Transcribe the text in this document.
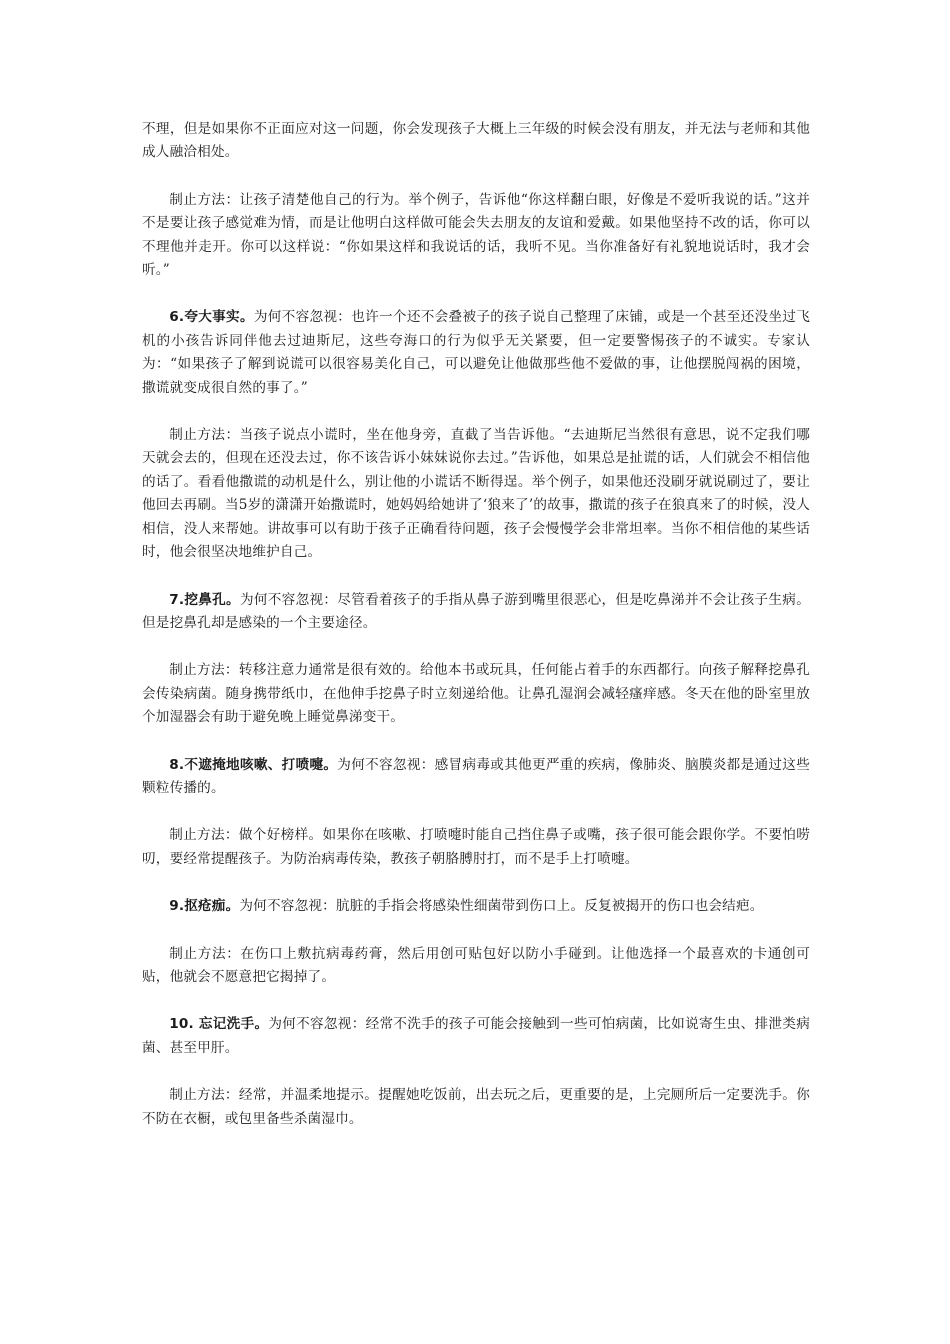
不理，但是如果你不正面应对这一问题，你会发现孩子大概上三年级的时候会没有朋友，并无法与老师和其他成人融洽相处。

制止方法：让孩子清楚他自己的行为。举个例子，告诉他“你这样翻白眼，好像是不爱听我说的话。”这并不是要让孩子感觉难为情，而是让他明白这样做可能会失去朋友的友谊和爱戴。如果他坚持不改的话，你可以不理他并走开。你可以这样说：“你如果这样和我说话的话，我听不见。当你准备好有礼貌地说话时，我才会听。”

6.夸大事实。为何不容忽视：也许一个还不会叠被子的孩子说自己整理了床铺，或是一个甚至还没坐过飞机的小孩告诉同伴他去过迪斯尼，这些夸海口的行为似乎无关紧要，但一定要警惕孩子的不诚实。专家认为：“如果孩子了解到说谎可以很容易美化自己，可以避免让他做那些他不爱做的事，让他摆脱闯祸的困境，撒谎就变成很自然的事了。”

制止方法：当孩子说点小谎时，坐在他身旁，直截了当告诉他。“去迪斯尼当然很有意思，说不定我们哪天就会去的，但现在还没去过，你不该告诉小妹妹说你去过。”告诉他，如果总是扯谎的话，人们就会不相信他的话了。看看他撒谎的动机是什么，别让他的小谎话不断得逞。举个例子，如果他还没刷牙就说刷过了，要让他回去再刷。当5岁的潇潇开始撒谎时，她妈妈给她讲了‘狼来了’的故事，撒谎的孩子在狼真来了的时候，没人相信，没人来帮她。讲故事可以有助于孩子正确看待问题，孩子会慢慢学会非常坦率。当你不相信他的某些话时，他会很坚决地维护自己。

7.挖鼻孔。为何不容忽视：尽管看着孩子的手指从鼻子游到嘴里很恶心，但是吃鼻涕并不会让孩子生病。但是挖鼻孔却是感染的一个主要途径。

制止方法：转移注意力通常是很有效的。给他本书或玩具，任何能占着手的东西都行。向孩子解释挖鼻孔会传染病菌。随身携带纸巾，在他伸手挖鼻子时立刻递给他。让鼻孔湿润会减轻瘙痒感。冬天在他的卧室里放个加湿器会有助于避免晚上睡觉鼻涕变干。

8.不遮掩地咳嗽、打喷嚏。为何不容忽视：感冒病毒或其他更严重的疾病，像肺炎、脑膜炎都是通过这些颗粒传播的。

制止方法：做个好榜样。如果你在咳嗽、打喷嚏时能自己挡住鼻子或嘴，孩子很可能会跟你学。不要怕唠叨，要经常提醒孩子。为防治病毒传染，教孩子朝胳膊肘打，而不是手上打喷嚏。

9.抠疮痂。为何不容忽视：肮脏的手指会将感染性细菌带到伤口上。反复被揭开的伤口也会结疤。

制止方法：在伤口上敷抗病毒药膏，然后用创可贴包好以防小手碰到。让他选择一个最喜欢的卡通创可贴，他就会不愿意把它揭掉了。

10. 忘记洗手。为何不容忽视：经常不洗手的孩子可能会接触到一些可怕病菌，比如说寄生虫、排泄类病菌、甚至甲肝。

制止方法：经常，并温柔地提示。提醒她吃饭前，出去玩之后，更重要的是，上完厕所后一定要洗手。你不防在衣橱，或包里备些杀菌湿巾。
